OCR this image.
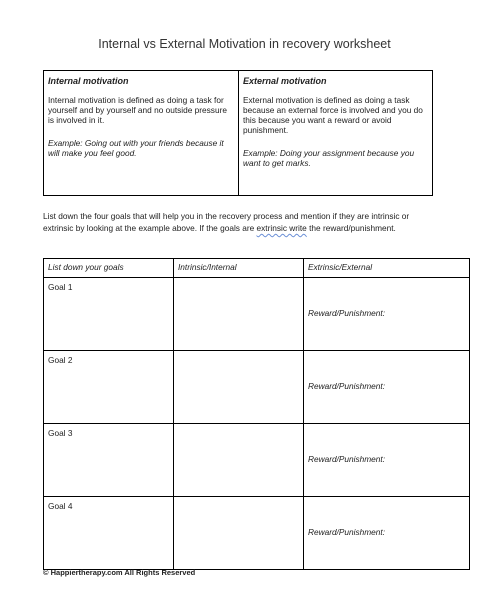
Internal vs External Motivation in recovery worksheet
Internal motivation
Internal motivation is defined as doing a task for yourself and by yourself and no outside pressure is involved in it.
Example: Going out with your friends because it will make you feel good.
External motivation
External motivation is defined as doing a task because an external force is involved and you do this because you want a reward or avoid punishment.
Example: Doing your assignment because you want to get marks.
List down the four goals that will help you in the recovery process and mention if they are intrinsic or extrinsic by looking at the example above. If the goals are extrinsic write the reward/punishment.
List down your goals	Intrinsic/Internal	Extrinsic/External
Goal 1		Reward/Punishment:

Goal 2		Reward/Punishment:

Goal 3		Reward/Punishment:

Goal 4		Reward/Punishment:
© Happiertherapy.com All Rights Reserved
